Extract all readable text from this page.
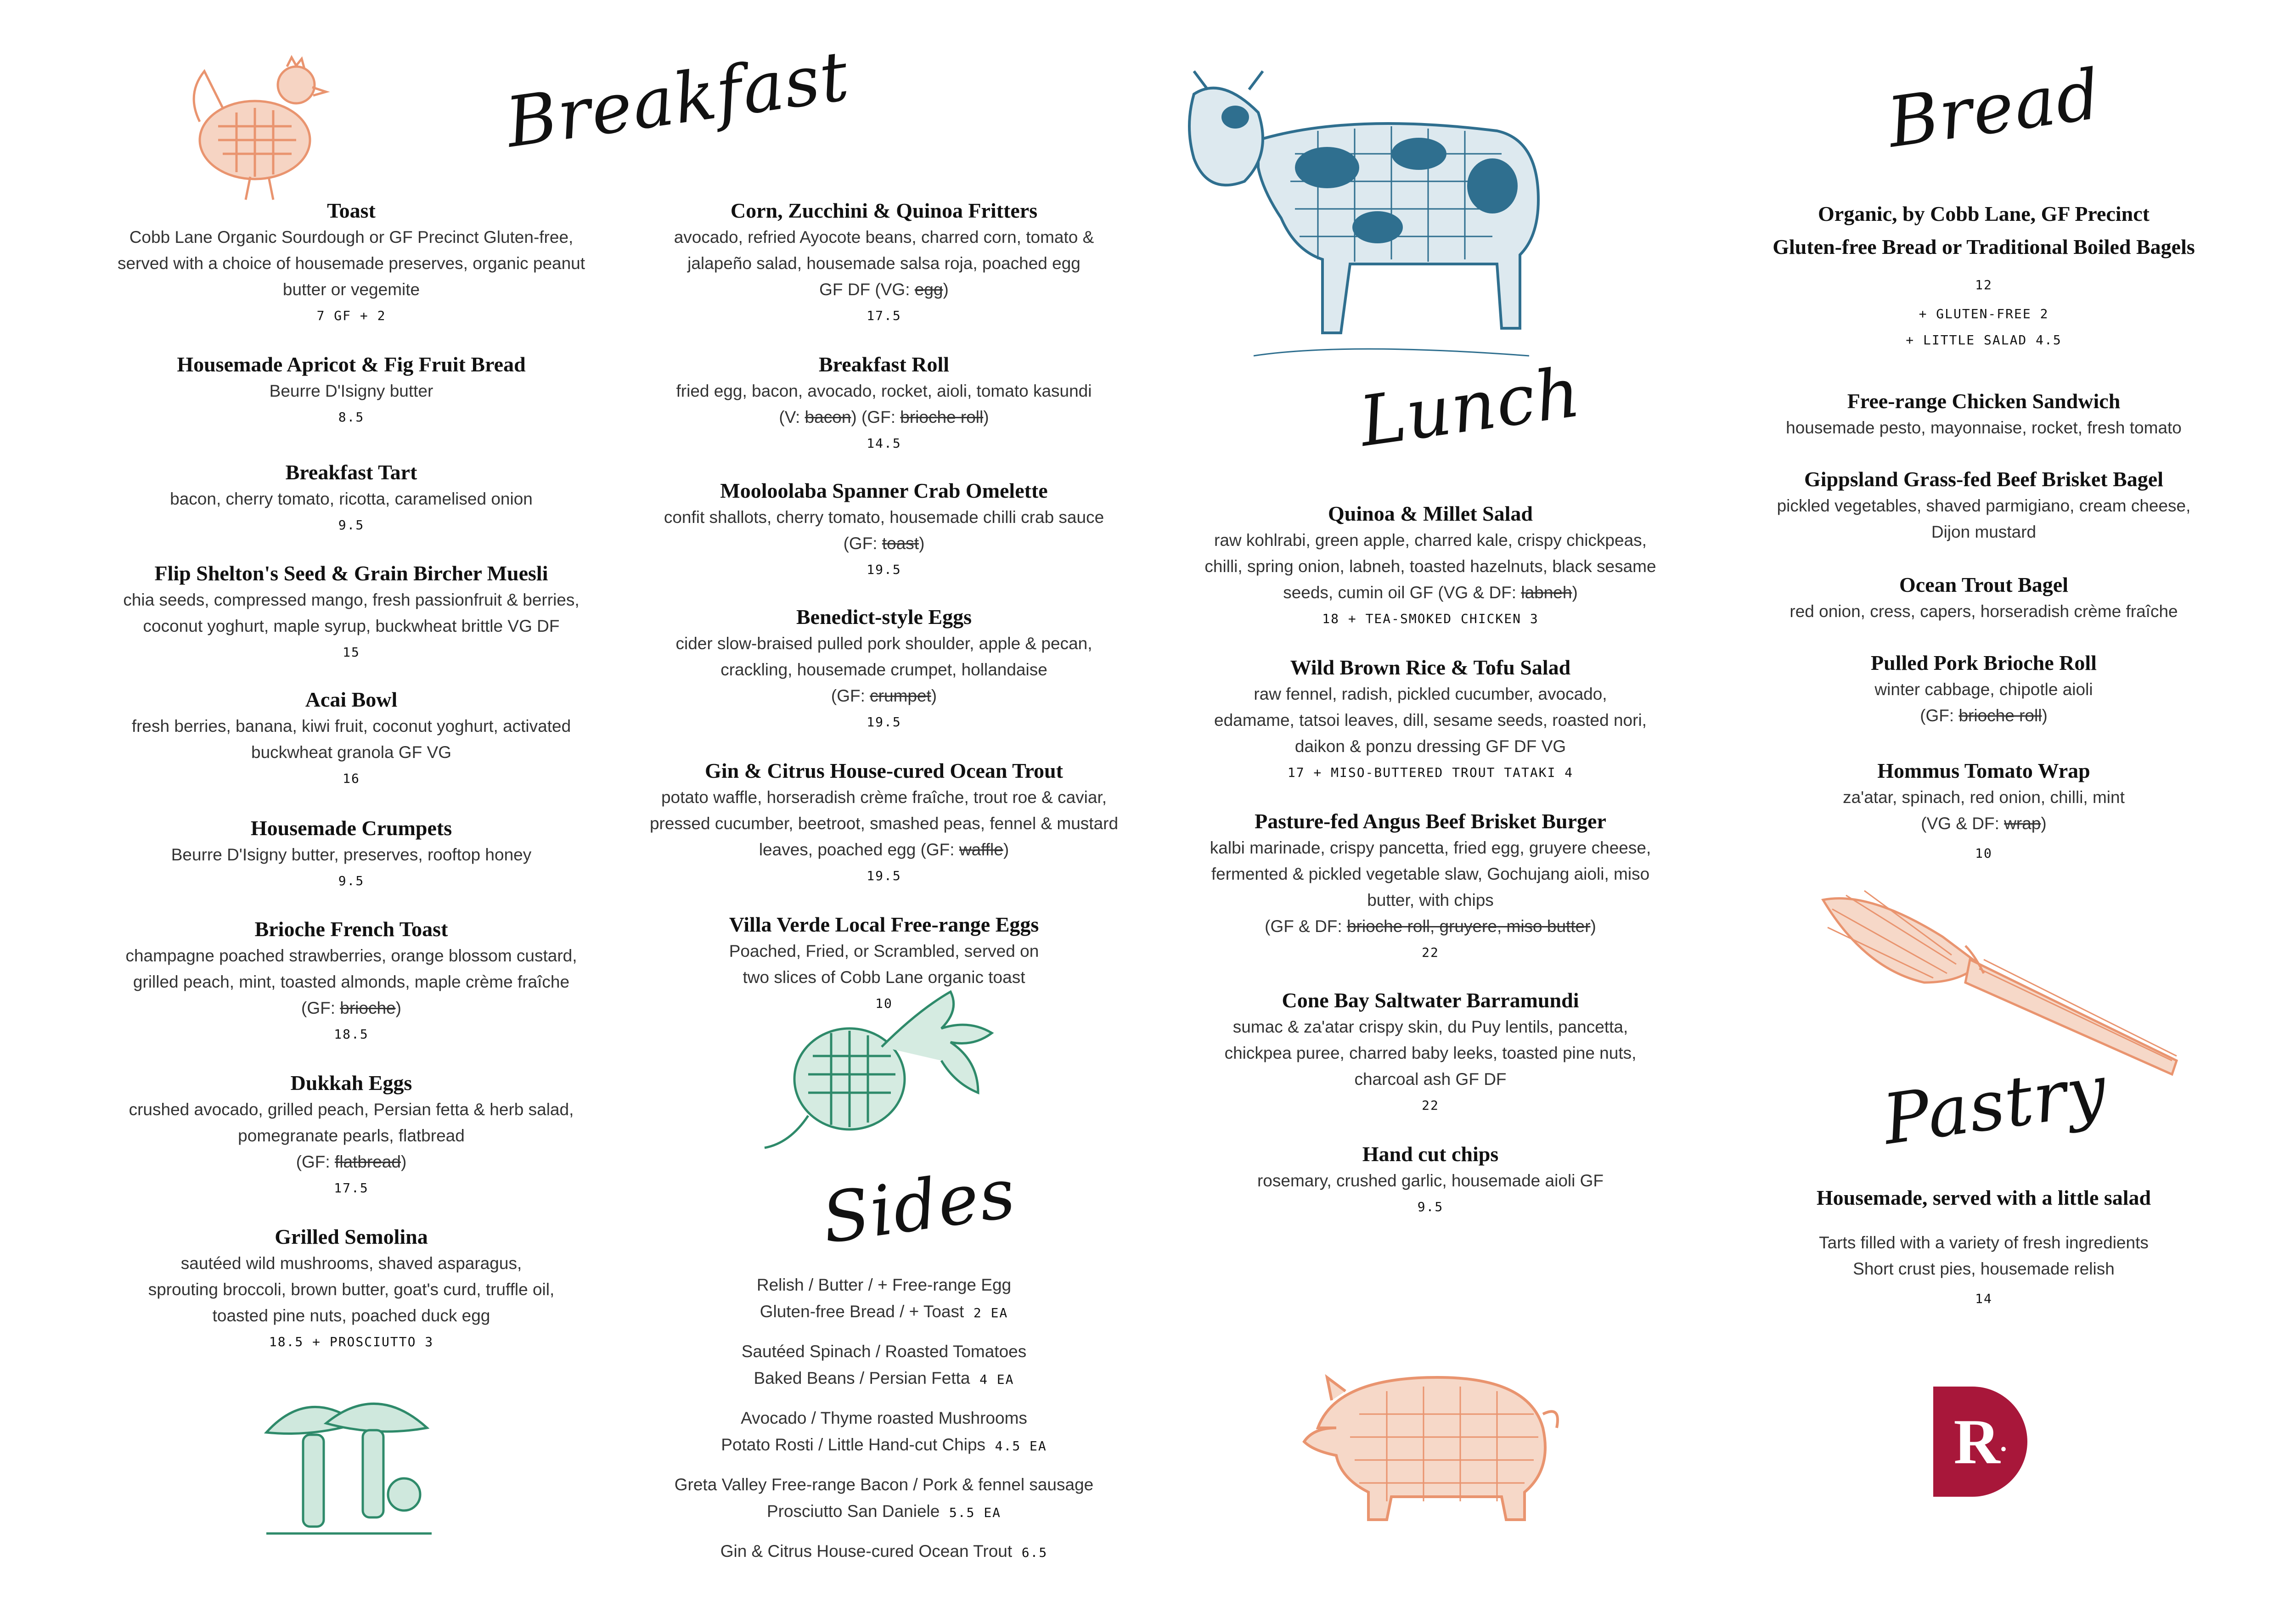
Breakfast
Toast
Cobb Lane Organic Sourdough or GF Precinct Gluten-free,
served with a choice of housemade preserves, organic peanut
butter or vegemite
7 GF + 2
Housemade Apricot & Fig Fruit Bread
Beurre D'Isigny butter
8.5
Breakfast Tart
bacon, cherry tomato, ricotta, caramelised onion
9.5
Flip Shelton's Seed & Grain Bircher Muesli
chia seeds, compressed mango, fresh passionfruit & berries,
coconut yoghurt, maple syrup, buckwheat brittle VG DF
15
Acai Bowl
fresh berries, banana, kiwi fruit, coconut yoghurt, activated
buckwheat granola GF VG
16
Housemade Crumpets
Beurre D'Isigny butter, preserves, rooftop honey
9.5
Brioche French Toast
champagne poached strawberries, orange blossom custard,
grilled peach, mint, toasted almonds, maple crème fraîche
(GF: brioche)
18.5
Dukkah Eggs
crushed avocado, grilled peach, Persian fetta & herb salad,
pomegranate pearls, flatbread
(GF: flatbread)
17.5
Grilled Semolina
sautéed wild mushrooms, shaved asparagus,
sprouting broccoli, brown butter, goat's curd, truffle oil,
toasted pine nuts, poached duck egg
18.5 + PROSCIUTTO 3
Corn, Zucchini & Quinoa Fritters
avocado, refried Ayocote beans, charred corn, tomato &
jalapeño salad, housemade salsa roja, poached egg
GF DF (VG: egg)
17.5
Breakfast Roll
fried egg, bacon, avocado, rocket, aioli, tomato kasundi
(V: bacon) (GF: brioche roll)
14.5
Mooloolaba Spanner Crab Omelette
confit shallots, cherry tomato, housemade chilli crab sauce
(GF: toast)
19.5
Benedict-style Eggs
cider slow-braised pulled pork shoulder, apple & pecan,
crackling, housemade crumpet, hollandaise
(GF: crumpet)
19.5
Gin & Citrus House-cured Ocean Trout
potato waffle, horseradish crème fraîche, trout roe & caviar,
pressed cucumber, beetroot, smashed peas, fennel & mustard
leaves, poached egg (GF: waffle)
19.5
Villa Verde Local Free-range Eggs
Poached, Fried, or Scrambled, served on
two slices of Cobb Lane organic toast
10
Sides
Relish / Butter / + Free-range Egg
Gluten-free Bread / + Toast 2 EA
Sautéed Spinach / Roasted Tomatoes
Baked Beans / Persian Fetta 4 EA
Avocado / Thyme roasted Mushrooms
Potato Rosti / Little Hand-cut Chips 4.5 EA
Greta Valley Free-range Bacon / Pork & fennel sausage
Prosciutto San Daniele 5.5 EA
Gin & Citrus House-cured Ocean Trout 6.5
Lunch
Quinoa & Millet Salad
raw kohlrabi, green apple, charred kale, crispy chickpeas,
chilli, spring onion, labneh, toasted hazelnuts, black sesame
seeds, cumin oil GF (VG & DF: labneh)
18 + TEA-SMOKED CHICKEN 3
Wild Brown Rice & Tofu Salad
raw fennel, radish, pickled cucumber, avocado,
edamame, tatsoi leaves, dill, sesame seeds, roasted nori,
daikon & ponzu dressing GF DF VG
17 + MISO-BUTTERED TROUT TATAKI 4
Pasture-fed Angus Beef Brisket Burger
kalbi marinade, crispy pancetta, fried egg, gruyere cheese,
fermented & pickled vegetable slaw, Gochujang aioli, miso
butter, with chips
(GF & DF: brioche roll, gruyere, miso butter)
22
Cone Bay Saltwater Barramundi
sumac & za'atar crispy skin, du Puy lentils, pancetta,
chickpea puree, charred baby leeks, toasted pine nuts,
charcoal ash GF DF
22
Hand cut chips
rosemary, crushed garlic, housemade aioli GF
9.5
Bread
Organic, by Cobb Lane, GF Precinct
Gluten-free Bread or Traditional Boiled Bagels
12
+ GLUTEN-FREE 2
+ LITTLE SALAD 4.5
Free-range Chicken Sandwich
housemade pesto, mayonnaise, rocket, fresh tomato
Gippsland Grass-fed Beef Brisket Bagel
pickled vegetables, shaved parmigiano, cream cheese,
Dijon mustard
Ocean Trout Bagel
red onion, cress, capers, horseradish crème fraîche
Pulled Pork Brioche Roll
winter cabbage, chipotle aioli
(GF: brioche roll)
Hommus Tomato Wrap
za'atar, spinach, red onion, chilli, mint
(VG & DF: wrap)
10
Pastry
Housemade, served with a little salad
Tarts filled with a variety of fresh ingredients
Short crust pies, housemade relish
14
R .
